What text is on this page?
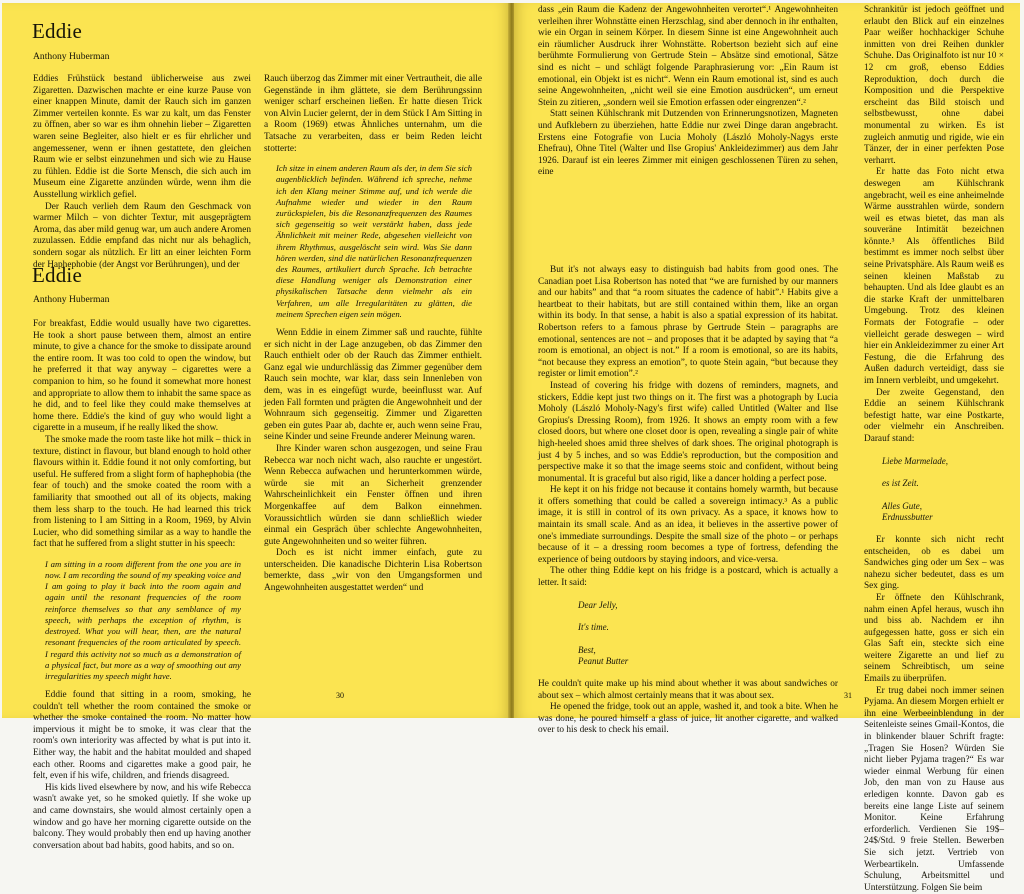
Eddie
Anthony Huberman

Eddies Frühstück bestand üblicherweise aus zwei Zigaretten. Dazwischen machte er eine kurze Pause von einer knappen Minute, damit der Rauch sich im ganzen Zimmer verteilen konnte. Es war zu kalt, um das Fenster zu öffnen, aber so war es ihm ohnehin lieber – Zigaretten waren seine Begleiter, also hielt er es für ehrlicher und angemessener, wenn er ihnen gestattete, den gleichen Raum wie er selbst einzunehmen und sich wie zu Hause zu fühlen. Eddie ist die Sorte Mensch, die sich auch im Museum eine Zigarette anzünden würde, wenn ihm die Ausstellung wirklich gefiel.

Der Rauch verlieh dem Raum den Geschmack von warmer Milch – von dichter Textur, mit ausgeprägtem Aroma, das aber mild genug war, um auch andere Aromen zuzulassen. Eddie empfand das nicht nur als behaglich, sondern sogar als nützlich. Er litt an einer leichten Form der Haphephobie (der Angst vor Berührungen), und der

Rauch überzog das Zimmer mit einer Vertrautheit, die alle Gegenstände in ihm glättete, sie dem Berührungssinn weniger scharf erscheinen ließen. Er hatte diesen Trick von Alvin Lucier gelernt, der in dem Stück I Am Sitting in a Room (1969) etwas Ähnliches unternahm, um die Tatsache zu verarbeiten, dass er beim Reden leicht stotterte:

Ich sitze in einem anderen Raum als der, in dem Sie sich augenblicklich befinden. Während ich spreche, nehme ich den Klang meiner Stimme auf, und ich werde die Aufnahme wieder und wieder in den Raum zurückspielen, bis die Resonanzfrequenzen des Raumes sich gegenseitig so weit verstärkt haben, dass jede Ähnlichkeit mit meiner Rede, abgesehen vielleicht von ihrem Rhythmus, ausgelöscht sein wird. Was Sie dann hören werden, sind die natürlichen Resonanzfrequenzen des Raumes, artikuliert durch Sprache. Ich betrachte diese Handlung weniger als Demonstration einer physikalischen Tatsache denn vielmehr als ein Verfahren, um alle Irregularitäten zu glätten, die meinem Sprechen eigen sein mögen.

Wenn Eddie in einem Zimmer saß und rauchte, fühlte er sich nicht in der Lage anzugeben, ob das Zimmer den Rauch enthielt oder ob der Rauch das Zimmer enthielt. Ganz egal wie undurchlässig das Zimmer gegenüber dem Rauch sein mochte, war klar, dass sein Innenleben von dem, was in es eingefügt wurde, beeinflusst war. Auf jeden Fall formten und prägten die Angewohnheit und der Wohnraum sich gegenseitig. Zimmer und Zigaretten geben ein gutes Paar ab, dachte er, auch wenn seine Frau, seine Kinder und seine Freunde anderer Meinung waren.

Ihre Kinder waren schon ausgezogen, und seine Frau Rebecca war noch nicht wach, also rauchte er ungestört. Wenn Rebecca aufwachen und herunterkommen würde, würde sie mit an Sicherheit grenzender Wahrscheinlichkeit ein Fenster öffnen und ihren Morgenkaffee auf dem Balkon einnehmen. Voraussichtlich würden sie dann schließlich wieder einmal ein Gespräch über schlechte Angewohnheiten, gute Angewohnheiten und so weiter führen.

Doch es ist nicht immer einfach, gute zu unterscheiden. Die kanadische Dichterin Lisa Robertson bemerkte, dass „wir von den Umgangsformen und Angewohnheiten ausgestattet werden“ und

Eddie
Anthony Huberman

For breakfast, Eddie would usually have two cigarettes. He took a short pause between them, almost an entire minute, to give a chance for the smoke to dissipate around the entire room. It was too cold to open the window, but he preferred it that way anyway – cigarettes were a companion to him, so he found it somewhat more honest and appropriate to allow them to inhabit the same space as he did, and to feel like they could make themselves at home there. Eddie's the kind of guy who would light a cigarette in a museum, if he really liked the show.

The smoke made the room taste like hot milk – thick in texture, distinct in flavour, but bland enough to hold other flavours within it. Eddie found it not only comforting, but useful. He suffered from a slight form of haphephobia (the fear of touch) and the smoke coated the room with a familiarity that smoothed out all of its objects, making them less sharp to the touch. He had learned this trick from listening to I am Sitting in a Room, 1969, by Alvin Lucier, who did something similar as a way to handle the fact that he suffered from a slight stutter in his speech:

I am sitting in a room different from the one you are in now. I am recording the sound of my speaking voice and I am going to play it back into the room again and again until the resonant frequencies of the room reinforce themselves so that any semblance of my speech, with perhaps the exception of rhythm, is destroyed. What you will hear, then, are the natural resonant frequencies of the room articulated by speech. I regard this activity not so much as a demonstration of a physical fact, but more as a way of smoothing out any irregularities my speech might have.

Eddie found that sitting in a room, smoking, he couldn't tell whether the room contained the smoke or whether the smoke contained the room. No matter how impervious it might be to smoke, it was clear that the room's own interiority was affected by what is put into it. Either way, the habit and the habitat moulded and shaped each other. Rooms and cigarettes make a good pair, he felt, even if his wife, children, and friends disagreed.

His kids lived elsewhere by now, and his wife Rebecca wasn't awake yet, so he smoked quietly. If she woke up and came downstairs, she would almost certainly open a window and go have her morning cigarette outside on the balcony. They would probably then end up having another conversation about bad habits, good habits, and so on.

30

dass „ein Raum die Kadenz der Angewohnheiten verortet“.¹ Angewohnheiten verleihen ihrer Wohnstätte einen Herzschlag, sind aber dennoch in ihr enthalten, wie ein Organ in seinem Körper. In diesem Sinne ist eine Angewohnheit auch ein räumlicher Ausdruck ihrer Wohnstätte. Robertson bezieht sich auf eine berühmte Formulierung von Gertrude Stein – Absätze sind emotional, Sätze sind es nicht – und schlägt folgende Paraphrasierung vor: „Ein Raum ist emotional, ein Objekt ist es nicht“. Wenn ein Raum emotional ist, sind es auch seine Angewohnheiten, „nicht weil sie eine Emotion ausdrücken“, um erneut Stein zu zitieren, „sondern weil sie Emotion erfassen oder eingrenzen“.²

Statt seinen Kühlschrank mit Dutzenden von Erinnerungsnotizen, Magneten und Aufklebern zu überziehen, hatte Eddie nur zwei Dinge daran angebracht. Erstens eine Fotografie von Lucia Moholy (László Moholy-Nagys erste Ehefrau), Ohne Titel (Walter und Ilse Gropius' Ankleidezimmer) aus dem Jahr 1926. Darauf ist ein leeres Zimmer mit einigen geschlossenen Türen zu sehen, eine

Schrankitür ist jedoch geöffnet und erlaubt den Blick auf ein einzelnes Paar weißer hochhackiger Schuhe inmitten von drei Reihen dunkler Schuhe. Das Originalfoto ist nur 10 × 12 cm groß, ebenso Eddies Reproduktion, doch durch die Komposition und die Perspektive erscheint das Bild stoisch und selbstbewusst, ohne dabei monumental zu wirken. Es ist zugleich anmutig und rigide, wie ein Tänzer, der in einer perfekten Pose verharrt.

Er hatte das Foto nicht etwa deswegen am Kühlschrank angebracht, weil es eine anheimelnde Wärme ausstrahlen würde, sondern weil es etwas bietet, das man als souveräne Intimität bezeichnen könnte.³ Als öffentliches Bild bestimmt es immer noch selbst über seine Privatsphäre. Als Raum weiß es seinen kleinen Maßstab zu behaupten. Und als Idee glaubt es an die starke Kraft der unmittelbaren Umgebung. Trotz des kleinen Formats der Fotografie – oder vielleicht gerade deswegen – wird hier ein Ankleidezimmer zu einer Art Festung, die die Erfahrung des Außen dadurch verteidigt, dass sie im Innern verbleibt, und umgekehrt.

Der zweite Gegenstand, den Eddie an seinem Kühlschrank befestigt hatte, war eine Postkarte, oder vielmehr ein Anschreiben. Darauf stand:

Liebe Marmelade,
es ist Zeit.
Alles Gute,
Erdnussbutter

Er konnte sich nicht recht entscheiden, ob es dabei um Sandwiches ging oder um Sex – was nahezu sicher bedeutet, dass es um Sex ging.

Er öffnete den Kühlschrank, nahm einen Apfel heraus, wusch ihn und biss ab. Nachdem er ihn aufgegessen hatte, goss er sich ein Glas Saft ein, steckte sich eine weitere Zigarette an und lief zu seinem Schreibtisch, um seine Emails zu überprüfen.

Er trug dabei noch immer seinen Pyjama. An diesem Morgen erhielt er ihn eine Werbeeinblendung in der Seitenleiste seines Gmail-Kontos, die in blinkender blauer Schrift fragte: „Tragen Sie Hosen? Würden Sie nicht lieber Pyjama tragen?“ Es war wieder einmal Werbung für einen Job, den man von zu Hause aus erledigen konnte. Davon gab es bereits eine lange Liste auf seinem Monitor. Keine Erfahrung erforderlich. Verdienen Sie 19$–24$/Std. 9 freie Stellen. Bewerben Sie sich jetzt. Vertrieb von Werbeartikeln. Umfassende Schulung, Arbeitsmittel und Unterstützung. Folgen Sie beim

But it's not always easy to distinguish bad habits from good ones. The Canadian poet Lisa Robertson has noted that “we are furnished by our manners and our habits” and that “a room situates the cadence of habit”.¹ Habits give a heartbeat to their habitats, but are still contained within them, like an organ within its body. In that sense, a habit is also a spatial expression of its habitat. Robertson refers to a famous phrase by Gertrude Stein – paragraphs are emotional, sentences are not – and proposes that it be adapted by saying that “a room is emotional, an object is not.” If a room is emotional, so are its habits, “not because they express an emotion”, to quote Stein again, “but because they register or limit emotion”.²

Instead of covering his fridge with dozens of reminders, magnets, and stickers, Eddie kept just two things on it. The first was a photograph by Lucia Moholy (László Moholy-Nagy's first wife) called Untitled (Walter and Ilse Gropius's Dressing Room), from 1926. It shows an empty room with a few closed doors, but where one closet door is open, revealing a single pair of white high-heeled shoes amid three shelves of dark shoes. The original photograph is just 4 by 5 inches, and so was Eddie's reproduction, but the composition and perspective make it so that the image seems stoic and confident, without being monumental. It is graceful but also rigid, like a dancer holding a perfect pose.

He kept it on his fridge not because it contains homely warmth, but because it offers something that could be called a sovereign intimacy.³ As a public image, it is still in control of its own privacy. As a space, it knows how to maintain its small scale. And as an idea, it believes in the assertive power of one's immediate surroundings. Despite the small size of the photo – or perhaps because of it – a dressing room becomes a type of fortress, defending the experience of being outdoors by staying indoors, and vice-versa.

The other thing Eddie kept on his fridge is a postcard, which is actually a letter. It said:

Dear Jelly,
It's time.
Best,
Peanut Butter

He couldn't quite make up his mind about whether it was about sandwiches or about sex – which almost certainly means that it was about sex.

He opened the fridge, took out an apple, washed it, and took a bite. When he was done, he poured himself a glass of juice, lit another cigarette, and walked over to his desk to check his email.

31
